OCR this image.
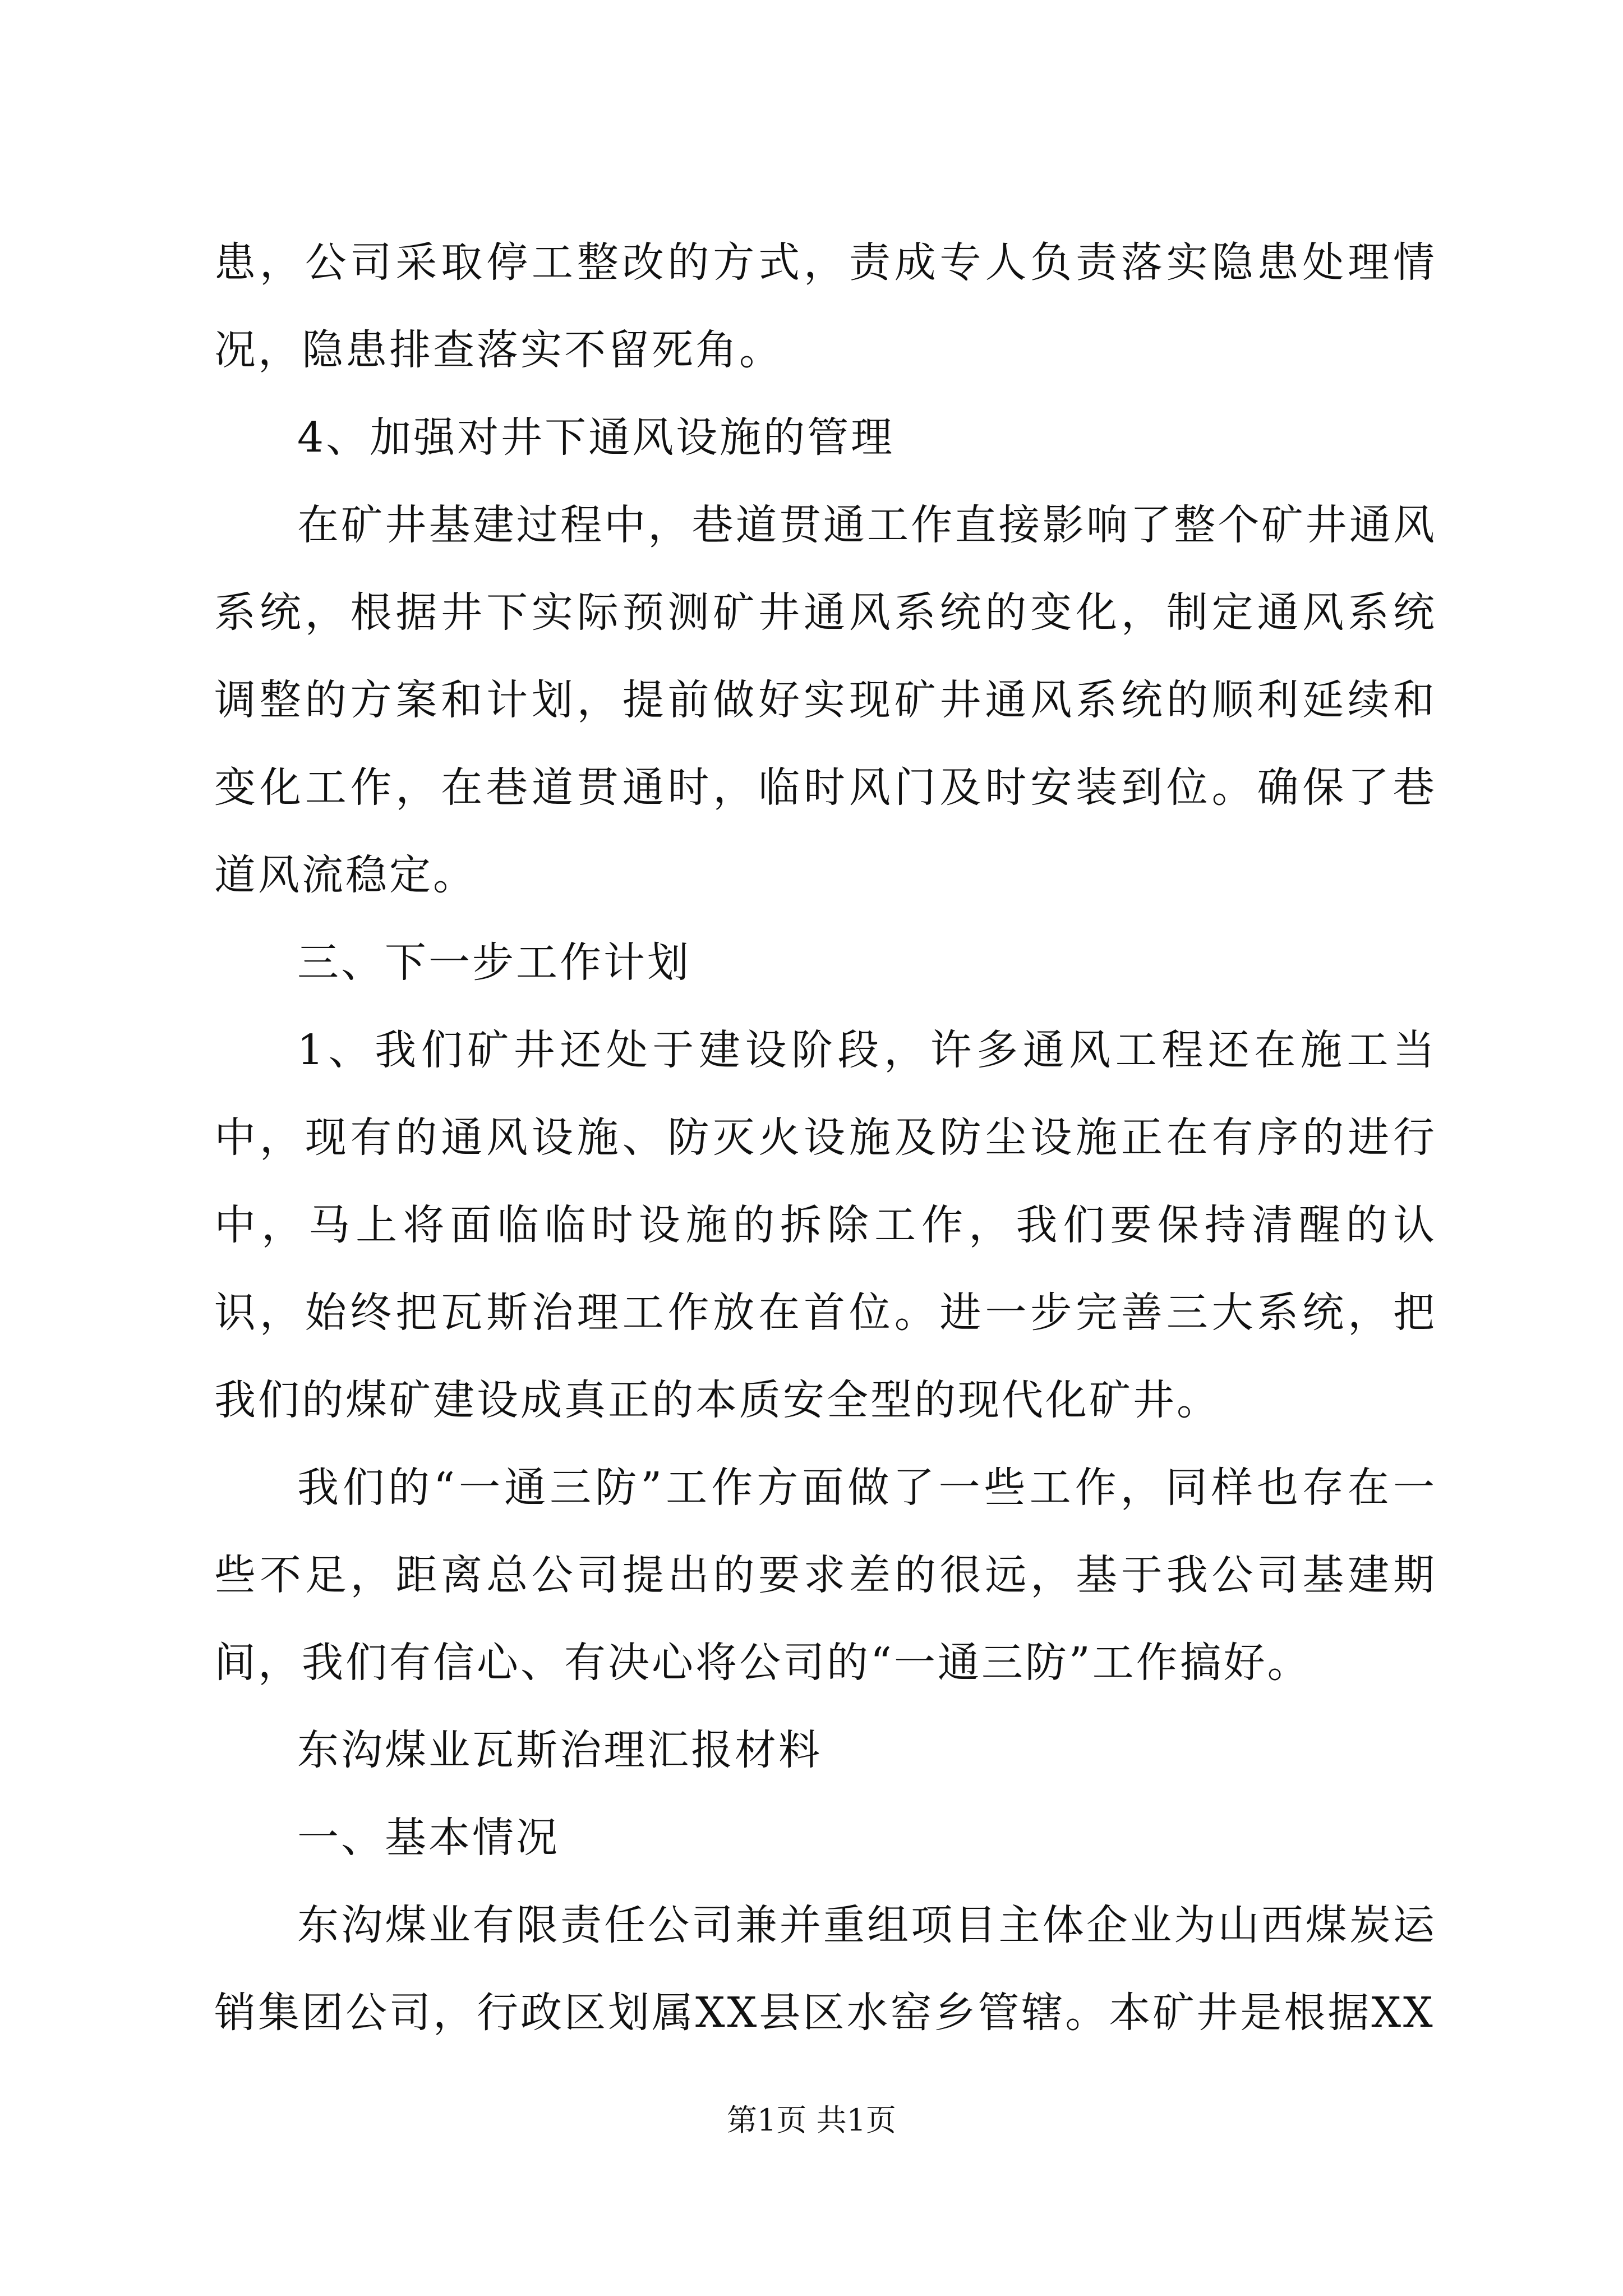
患，公司采取停工整改的方式，责成专人负责落实隐患处理情况，隐患排查落实不留死角。

4、加强对井下通风设施的管理

在矿井基建过程中，巷道贯通工作直接影响了整个矿井通风系统，根据井下实际预测矿井通风系统的变化，制定通风系统调整的方案和计划，提前做好实现矿井通风系统的顺利延续和变化工作，在巷道贯通时，临时风门及时安装到位。确保了巷道风流稳定。

三、下一步工作计划

1、我们矿井还处于建设阶段，许多通风工程还在施工当中，现有的通风设施、防灭火设施及防尘设施正在有序的进行中，马上将面临临时设施的拆除工作，我们要保持清醒的认识，始终把瓦斯治理工作放在首位。进一步完善三大系统，把我们的煤矿建设成真正的本质安全型的现代化矿井。

我们的“一通三防”工作方面做了一些工作，同样也存在一些不足，距离总公司提出的要求差的很远，基于我公司基建期间，我们有信心、有决心将公司的“一通三防”工作搞好。

东沟煤业瓦斯治理汇报材料

一、基本情况

东沟煤业有限责任公司兼并重组项目主体企业为山西煤炭运销集团公司，行政区划属XX县区水窑乡管辖。本矿井是根据XX

第1页 共1页
